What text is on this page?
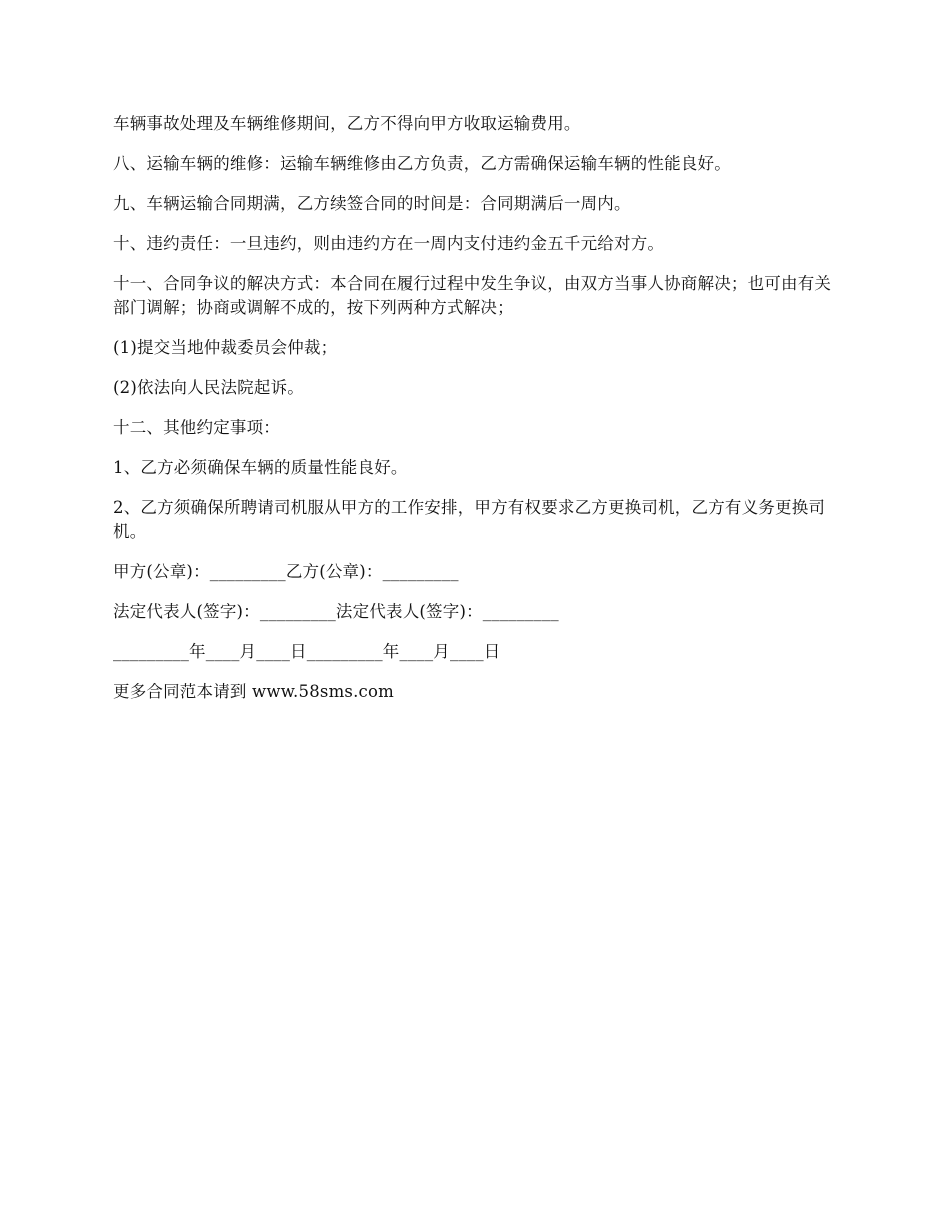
车辆事故处理及车辆维修期间，乙方不得向甲方收取运输费用。

八、运输车辆的维修：运输车辆维修由乙方负责，乙方需确保运输车辆的性能良好。

九、车辆运输合同期满，乙方续签合同的时间是：合同期满后一周内。

十、违约责任：一旦违约，则由违约方在一周内支付违约金五千元给对方。

十一、合同争议的解决方式：本合同在履行过程中发生争议，由双方当事人协商解决；也可由有关部门调解；协商或调解不成的，按下列两种方式解决；

(1)提交当地仲裁委员会仲裁；

(2)依法向人民法院起诉。

十二、其他约定事项：

1、乙方必须确保车辆的质量性能良好。

2、乙方须确保所聘请司机服从甲方的工作安排，甲方有权要求乙方更换司机，乙方有义务更换司机。

甲方(公章)：_________乙方(公章)：_________

法定代表人(签字)：_________法定代表人(签字)：_________

_________年____月____日_________年____月____日

更多合同范本请到 www.58sms.com
